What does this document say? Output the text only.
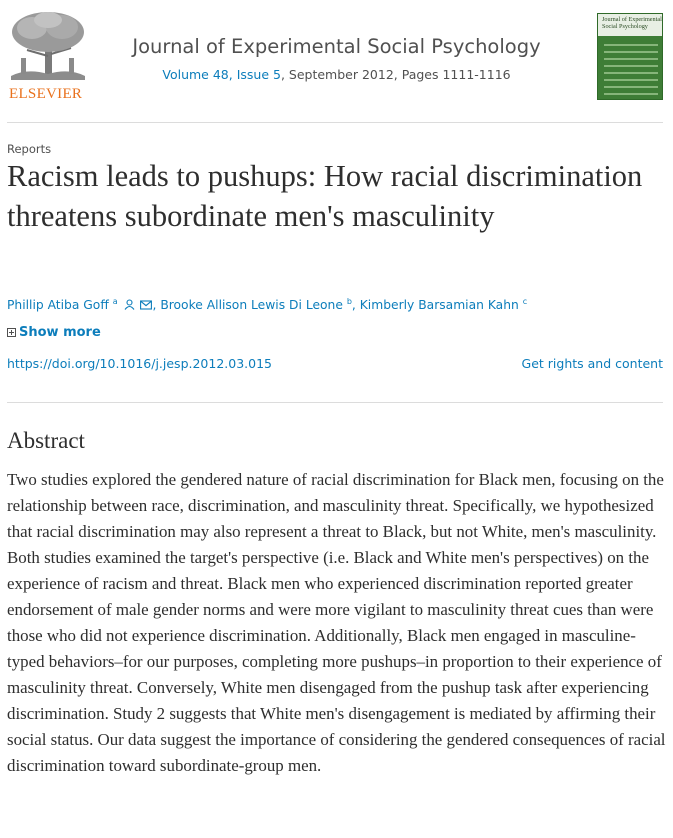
ELSEVIER
Journal of Experimental Social Psychology
Volume 48, Issue 5, September 2012, Pages 1111-1116
Journal of Experimental Social Psychology
Reports
Racism leads to pushups: How racial discrimination threatens subordinate men's masculinity
Phillip Atiba Goff $^a$	, Brooke Allison Lewis Di Leone $^b$, Kimberly Barsamian Kahn $^c$
Show more
https://doi.org/10.1016/j.jesp.2012.03.015	Get rights and content
Abstract

Two studies explored the gendered nature of racial discrimination for Black men, focusing on the relationship between race, discrimination, and masculinity threat. Specifically, we hypothesized that racial discrimination may also represent a threat to Black, but not White, men's masculinity. Both studies examined the target's perspective (i.e. Black and White men's perspectives) on the experience of racism and threat. Black men who experienced discrimination reported greater endorsement of male gender norms and were more vigilant to masculinity threat cues than were those who did not experience discrimination. Additionally, Black men engaged in masculine-typed behaviors–for our purposes, completing more pushups–in proportion to their experience of masculinity threat. Conversely, White men disengaged from the pushup task after experiencing discrimination. Study 2 suggests that White men's disengagement is mediated by affirming their social status. Our data suggest the importance of considering the gendered consequences of racial discrimination toward subordinate-group men.
